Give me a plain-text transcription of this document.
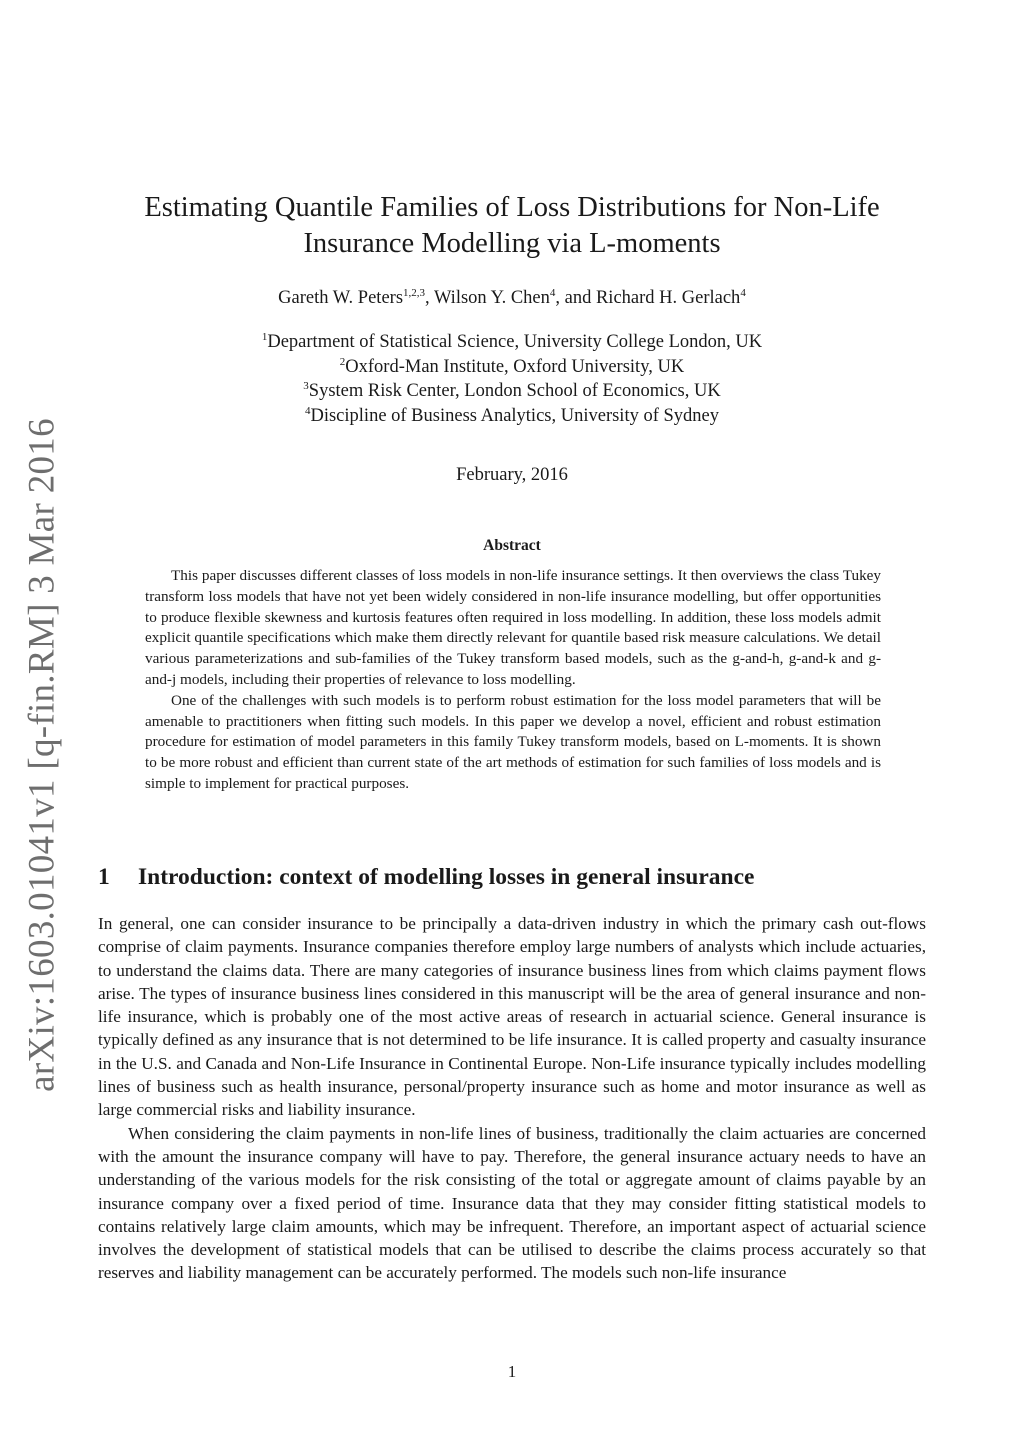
arXiv:1603.01041v1 [q-fin.RM] 3 Mar 2016
Estimating Quantile Families of Loss Distributions for Non-Life
Insurance Modelling via L-moments
Gareth W. Peters$^{1,2,3}$, Wilson Y. Chen$^4$, and Richard H. Gerlach$^4$
$^1$Department of Statistical Science, University College London, UK
$^2$Oxford-Man Institute, Oxford University, UK
$^3$System Risk Center, London School of Economics, UK
$^4$Discipline of Business Analytics, University of Sydney
February, 2016
Abstract

This paper discusses different classes of loss models in non-life insurance settings. It then overviews the class Tukey transform loss models that have not yet been widely considered in non-life insurance modelling, but offer opportunities to produce flexible skewness and kurtosis features often required in loss modelling. In addition, these loss models admit explicit quantile specifications which make them directly relevant for quantile based risk measure calculations. We detail various parameterizations and sub-families of the Tukey transform based models, such as the g-and-h, g-and-k and g-and-j models, including their properties of relevance to loss modelling.

One of the challenges with such models is to perform robust estimation for the loss model parameters that will be amenable to practitioners when fitting such models. In this paper we develop a novel, efficient and robust estimation procedure for estimation of model parameters in this family Tukey transform models, based on L-moments. It is shown to be more robust and efficient than current state of the art methods of estimation for such families of loss models and is simple to implement for practical purposes.

1 Introduction: context of modelling losses in general insurance

In general, one can consider insurance to be principally a data-driven industry in which the primary cash out-flows comprise of claim payments. Insurance companies therefore employ large numbers of analysts which include actuaries, to understand the claims data. There are many categories of insurance business lines from which claims payment flows arise. The types of insurance business lines considered in this manuscript will be the area of general insurance and non-life insurance, which is probably one of the most active areas of research in actuarial science. General insurance is typically defined as any insurance that is not determined to be life insurance. It is called property and casualty insurance in the U.S. and Canada and Non-Life Insurance in Continental Europe. Non-Life insurance typically includes modelling lines of business such as health insurance, personal/property insurance such as home and motor insurance as well as large commercial risks and liability insurance.

When considering the claim payments in non-life lines of business, traditionally the claim actuaries are concerned with the amount the insurance company will have to pay. Therefore, the general insurance actuary needs to have an understanding of the various models for the risk consisting of the total or aggregate amount of claims payable by an insurance company over a fixed period of time. Insurance data that they may consider fitting statistical models to contains relatively large claim amounts, which may be infrequent. Therefore, an important aspect of actuarial science involves the development of statistical models that can be utilised to describe the claims process accurately so that reserves and liability management can be accurately performed. The models such non-life insurance

1
